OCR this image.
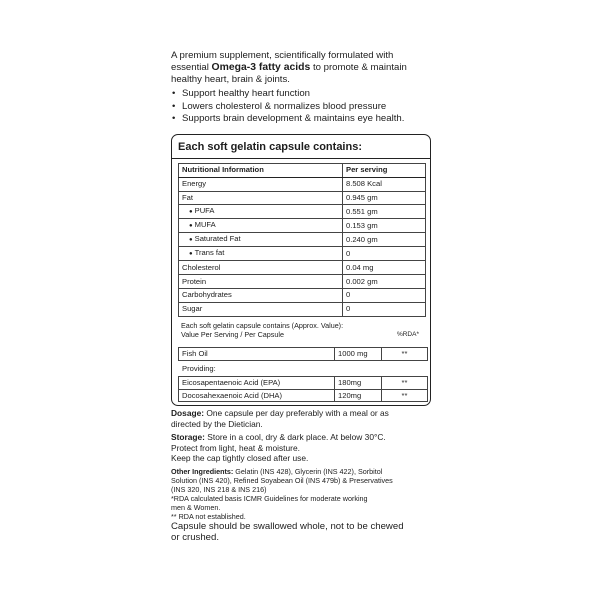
A premium supplement, scientifically formulated with
essential Omega-3 fatty acids to promote & maintain
healthy heart, brain & joints.
• Support healthy heart function
• Lowers cholesterol & normalizes blood pressure
• Supports brain development & maintains eye health.
Each soft gelatin capsule contains:
Nutritional Information	Per serving
Energy	8.508 Kcal
Fat	0.945 gm
● PUFA	0.551 gm
● MUFA	0.153 gm
● Saturated Fat	0.240 gm
● Trans fat	0
Cholesterol	0.04 mg
Protein	0.002 gm
Carbohydrates	0
Sugar	0
Each soft gelatin capsule contains (Approx. Value):
Value Per Serving / Per Capsule	%RDA*
Fish Oil	1000 mg	**
Providing:
Eicosapentaenoic Acid (EPA)	180mg	**
Docosahexaenoic Acid (DHA)	120mg	**
Dosage: One capsule per day preferably with a meal or as
directed by the Dietician.
Storage: Store in a cool, dry & dark place. At below 30°C.
Protect from light, heat & moisture.
Keep the cap tightly closed after use.
Other Ingredients: Gelatin (INS 428), Glycerin (INS 422), Sorbitol
Solution (INS 420), Refined Soyabean Oil (INS 479b) & Preservatives
(INS 320, INS 218 & INS 216)
*RDA calculated basis ICMR Guidelines for moderate working
men & Women.
** RDA not established.
Capsule should be swallowed whole, not to be chewed
or crushed.
